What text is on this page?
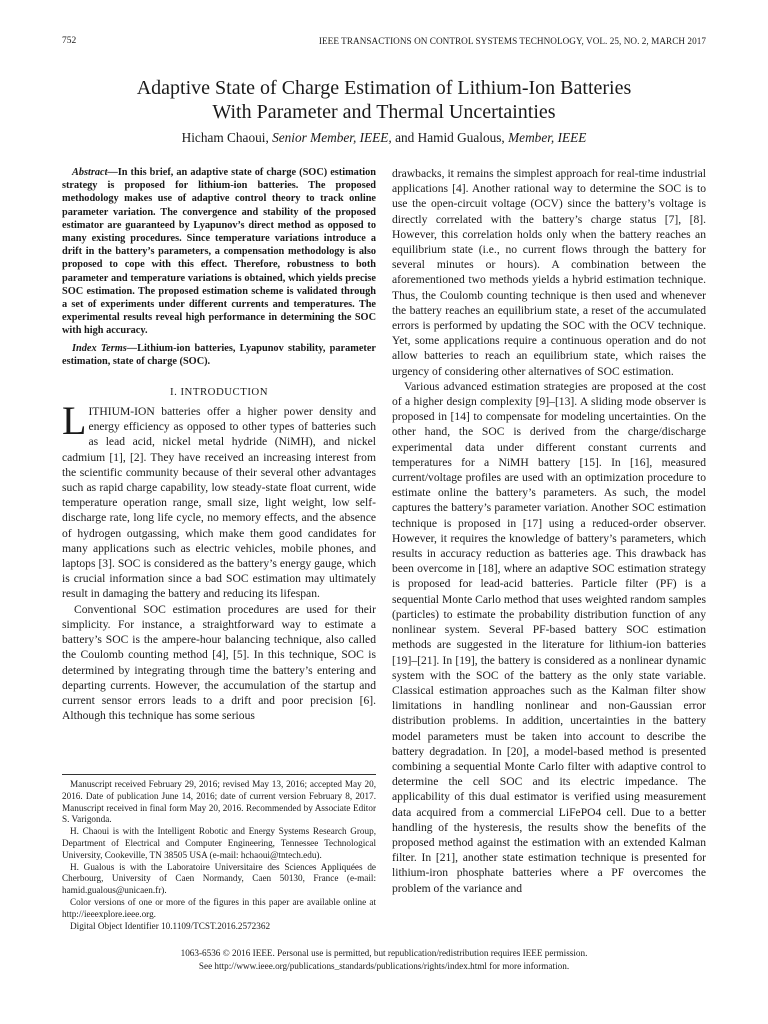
752	IEEE TRANSACTIONS ON CONTROL SYSTEMS TECHNOLOGY, VOL. 25, NO. 2, MARCH 2017
Adaptive State of Charge Estimation of Lithium-Ion Batteries
With Parameter and Thermal Uncertainties
Hicham Chaoui, Senior Member, IEEE, and Hamid Gualous, Member, IEEE

Abstract—In this brief, an adaptive state of charge (SOC) estimation strategy is proposed for lithium-ion batteries. The proposed methodology makes use of adaptive control theory to track online parameter variation. The convergence and stability of the proposed estimator are guaranteed by Lyapunov’s direct method as opposed to many existing procedures. Since temperature variations introduce a drift in the battery’s parameters, a compensation methodology is also proposed to cope with this effect. Therefore, robustness to both parameter and temperature variations is obtained, which yields precise SOC estimation. The proposed estimation scheme is validated through a set of experiments under different currents and temperatures. The experimental results reveal high performance in determining the SOC with high accuracy.

Index Terms—Lithium-ion batteries, Lyapunov stability, parameter estimation, state of charge (SOC).

I. INTRODUCTION

LITHIUM-ION batteries offer a higher power density and energy efficiency as opposed to other types of batteries such as lead acid, nickel metal hydride (NiMH), and nickel cadmium [1], [2]. They have received an increasing interest from the scientific community because of their several other advantages such as rapid charge capability, low steady-state float current, wide temperature operation range, small size, light weight, low self-discharge rate, long life cycle, no memory effects, and the absence of hydrogen outgassing, which make them good candidates for many applications such as electric vehicles, mobile phones, and laptops [3]. SOC is considered as the battery’s energy gauge, which is crucial information since a bad SOC estimation may ultimately result in damaging the battery and reducing its lifespan.

Conventional SOC estimation procedures are used for their simplicity. For instance, a straightforward way to estimate a battery’s SOC is the ampere-hour balancing technique, also called the Coulomb counting method [4], [5]. In this technique, SOC is determined by integrating through time the battery’s entering and departing currents. However, the accumulation of the startup and current sensor errors leads to a drift and poor precision [6]. Although this technique has some serious

drawbacks, it remains the simplest approach for real-time industrial applications [4]. Another rational way to determine the SOC is to use the open-circuit voltage (OCV) since the battery’s voltage is directly correlated with the battery’s charge status [7], [8]. However, this correlation holds only when the battery reaches an equilibrium state (i.e., no current flows through the battery for several minutes or hours). A combination between the aforementioned two methods yields a hybrid estimation technique. Thus, the Coulomb counting technique is then used and whenever the battery reaches an equilibrium state, a reset of the accumulated errors is performed by updating the SOC with the OCV technique. Yet, some applications require a continuous operation and do not allow batteries to reach an equilibrium state, which raises the urgency of considering other alternatives of SOC estimation.

Various advanced estimation strategies are proposed at the cost of a higher design complexity [9]–[13]. A sliding mode observer is proposed in [14] to compensate for modeling uncertainties. On the other hand, the SOC is derived from the charge/discharge experimental data under different constant currents and temperatures for a NiMH battery [15]. In [16], measured current/voltage profiles are used with an optimization procedure to estimate online the battery’s parameters. As such, the model captures the battery’s parameter variation. Another SOC estimation technique is proposed in [17] using a reduced-order observer. However, it requires the knowledge of battery’s parameters, which results in accuracy reduction as batteries age. This drawback has been overcome in [18], where an adaptive SOC estimation strategy is proposed for lead-acid batteries. Particle filter (PF) is a sequential Monte Carlo method that uses weighted random samples (particles) to estimate the probability distribution function of any nonlinear system. Several PF-based battery SOC estimation methods are suggested in the literature for lithium-ion batteries [19]–[21]. In [19], the battery is considered as a nonlinear dynamic system with the SOC of the battery as the only state variable. Classical estimation approaches such as the Kalman filter show limitations in handling nonlinear and non-Gaussian error distribution problems. In addition, uncertainties in the battery model parameters must be taken into account to describe the battery degradation. In [20], a model-based method is presented combining a sequential Monte Carlo filter with adaptive control to determine the cell SOC and its electric impedance. The applicability of this dual estimator is verified using measurement data acquired from a commercial LiFePO4 cell. Due to a better handling of the hysteresis, the results show the benefits of the proposed method against the estimation with an extended Kalman filter. In [21], another state estimation technique is presented for lithium-iron phosphate batteries where a PF overcomes the problem of the variance and

Manuscript received February 29, 2016; revised May 13, 2016; accepted May 20, 2016. Date of publication June 14, 2016; date of current version February 8, 2017. Manuscript received in final form May 20, 2016. Recommended by Associate Editor S. Varigonda.

H. Chaoui is with the Intelligent Robotic and Energy Systems Research Group, Department of Electrical and Computer Engineering, Tennessee Technological University, Cookeville, TN 38505 USA (e-mail: hchaoui@tntech.edu).

H. Gualous is with the Laboratoire Universitaire des Sciences Appliquées de Cherbourg, University of Caen Normandy, Caen 50130, France (e-mail: hamid.gualous@unicaen.fr).

Color versions of one or more of the figures in this paper are available online at http://ieeexplore.ieee.org.

Digital Object Identifier 10.1109/TCST.2016.2572362

1063-6536 © 2016 IEEE. Personal use is permitted, but republication/redistribution requires IEEE permission.
See http://www.ieee.org/publications_standards/publications/rights/index.html for more information.
